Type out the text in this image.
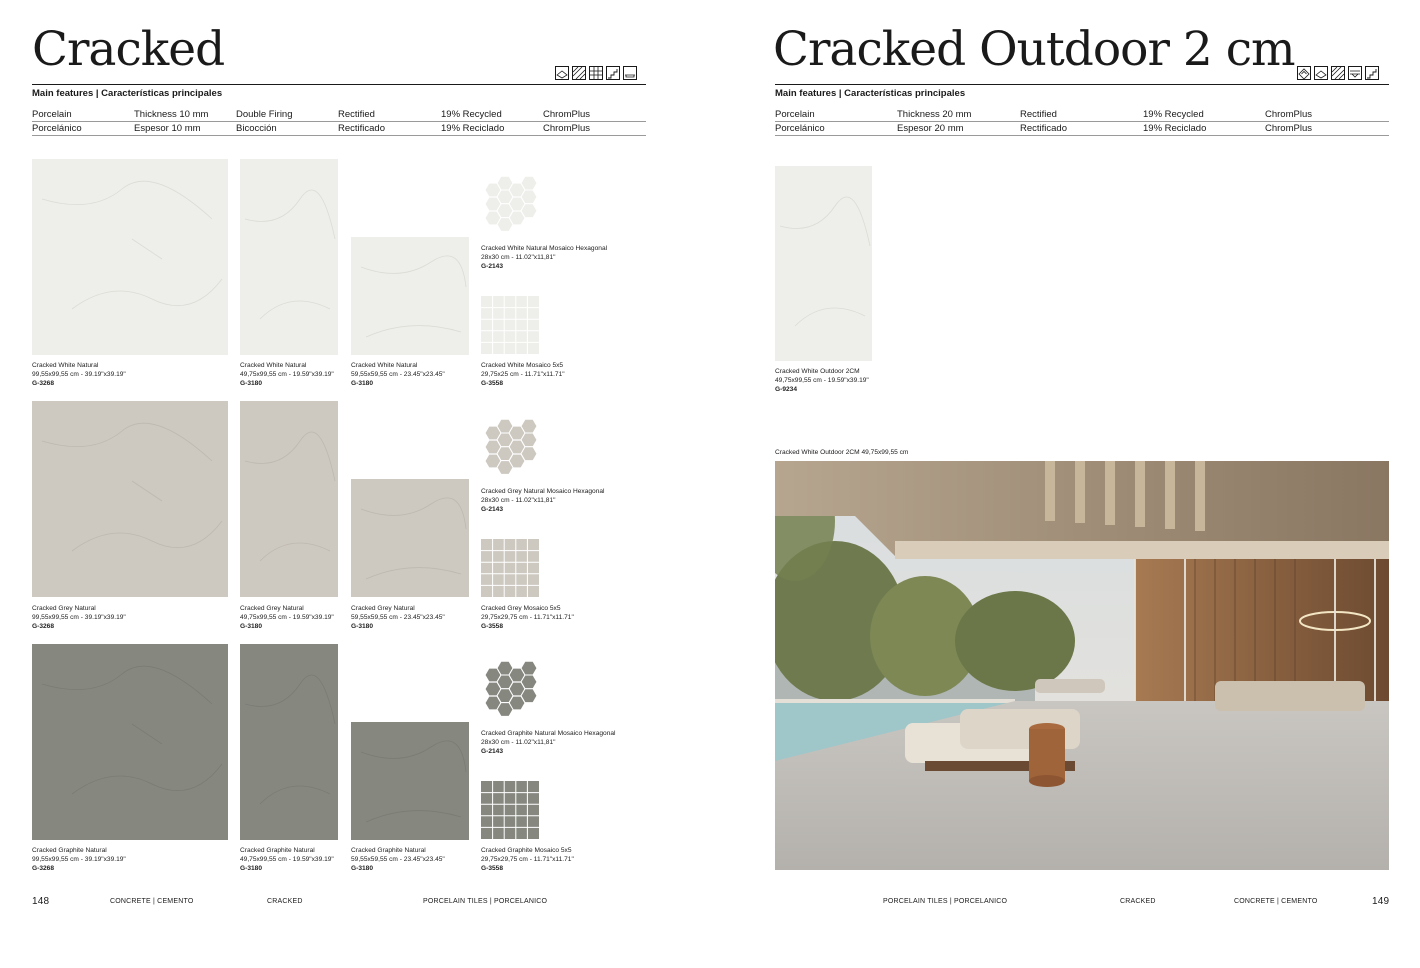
Cracked
Main features | Características principales
Porcelain	Thickness 10 mm	Double Firing	Rectified	19% Recycled	ChromPlus
Porcelánico	Espesor 10 mm	Bicocción	Rectificado	19% Reciclado	ChromPlus
Cracked White Natural
99,55x99,55 cm - 39.19"x39.19"
G-3268
Cracked White Natural
49,75x99,55 cm - 19.59"x39.19"
G-3180
Cracked White Natural
59,55x59,55 cm - 23.45"x23.45"
G-3180
Cracked White Natural Mosaico Hexagonal
28x30 cm - 11.02"x11,81"
G-2143
Cracked White Mosaico 5x5
29,75x25 cm - 11.71"x11.71"
G-3558
Cracked Grey Natural
99,55x99,55 cm - 39.19"x39.19"
G-3268
Cracked Grey Natural
49,75x99,55 cm - 19.59"x39.19"
G-3180
Cracked Grey Natural
59,55x59,55 cm - 23.45"x23.45"
G-3180
Cracked Grey Natural Mosaico Hexagonal
28x30 cm - 11.02"x11,81"
G-2143
Cracked Grey Mosaico 5x5
29,75x29,75 cm - 11.71"x11.71"
G-3558
Cracked Graphite Natural
99,55x99,55 cm - 39.19"x39.19"
G-3268
Cracked Graphite Natural
49,75x99,55 cm - 19.59"x39.19"
G-3180
Cracked Graphite Natural
59,55x59,55 cm - 23.45"x23.45"
G-3180
Cracked Graphite Natural Mosaico Hexagonal
28x30 cm - 11.02"x11,81"
G-2143
Cracked Graphite Mosaico 5x5
29,75x29,75 cm - 11.71"x11.71"
G-3558
148	CONCRETE | CEMENTO	CRACKED	PORCELAIN TILES | PORCELANICO
Cracked Outdoor 2 cm
Main features | Características principales
Porcelain	Thickness 20 mm	Rectified	19% Recycled	ChromPlus
Porcelánico	Espesor 20 mm	Rectificado	19% Reciclado	ChromPlus
Cracked White Outdoor 2CM
49,75x99,55 cm - 19.59"x39.19"
G-9234
Cracked White Outdoor 2CM 49,75x99,55 cm
PORCELAIN TILES | PORCELANICO	CRACKED	CONCRETE | CEMENTO	149
